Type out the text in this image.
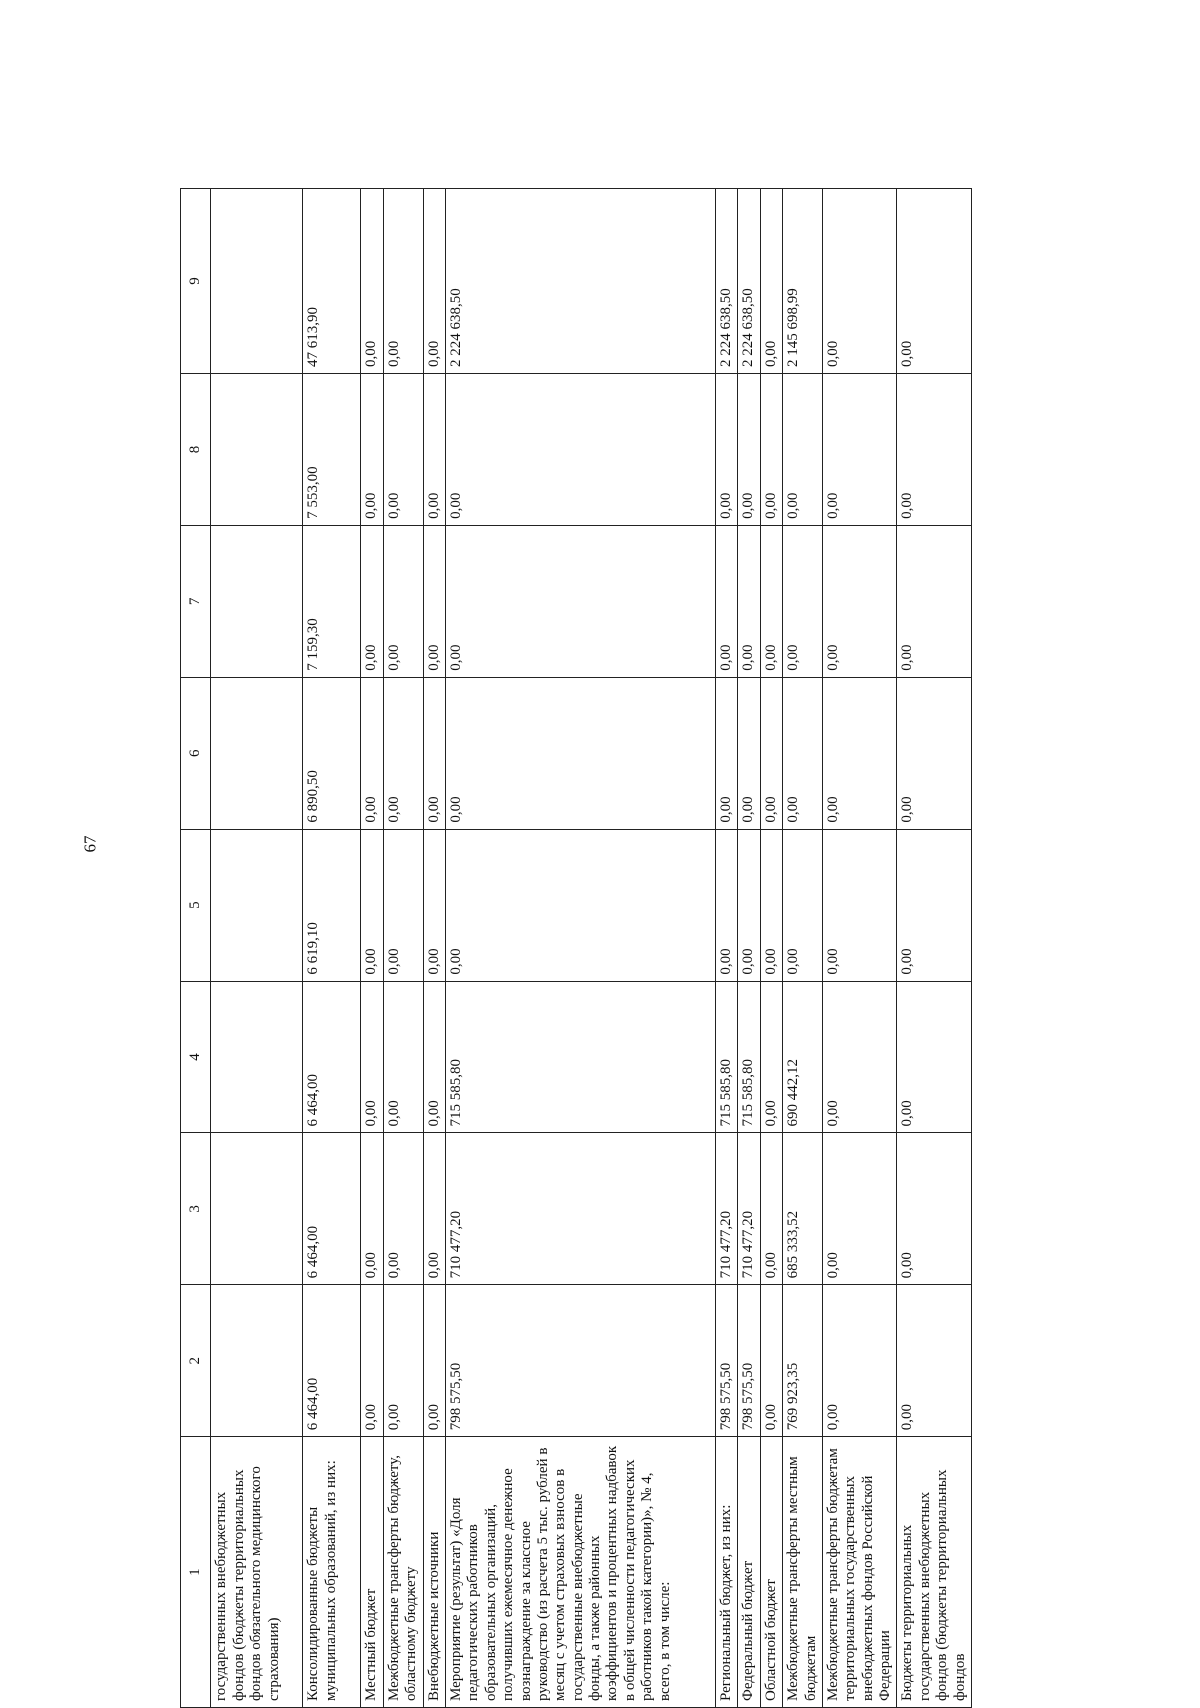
67
1	2	3	4	5	6	7	8	9
государственных внебюджетных фондов (бюджеты территориальных фондов обязательного медицинского страхования)								
Консолидированные бюджеты муниципальных образований, из них:	6 464,00	6 464,00	6 464,00	6 619,10	6 890,50	7 159,30	7 553,00	47 613,90
Местный бюджет	0,00	0,00	0,00	0,00	0,00	0,00	0,00	0,00
Межбюджетные трансферты бюджету, областному бюджету	0,00	0,00	0,00	0,00	0,00	0,00	0,00	0,00
Внебюджетные источники	0,00	0,00	0,00	0,00	0,00	0,00	0,00	0,00
Мероприятие (результат) «Доля педагогических работников образовательных организаций, получивших ежемесячное денежное вознаграждение за классное руководство (из расчета 5 тыс. рублей в месяц с учетом страховых взносов в государственные внебюджетные фонды, а также районных коэффициентов и процентных надбавок в общей численности педагогических работников такой категории)», № 4, всего, в том числе:	798 575,50	710 477,20	715 585,80	0,00	0,00	0,00	0,00	2 224 638,50
Региональный бюджет, из них:	798 575,50	710 477,20	715 585,80	0,00	0,00	0,00	0,00	2 224 638,50
Федеральный бюджет	798 575,50	710 477,20	715 585,80	0,00	0,00	0,00	0,00	2 224 638,50
Областной бюджет	0,00	0,00	0,00	0,00	0,00	0,00	0,00	0,00
Межбюджетные трансферты местным бюджетам	769 923,35	685 333,52	690 442,12	0,00	0,00	0,00	0,00	2 145 698,99
Межбюджетные трансферты бюджетам территориальных государственных внебюджетных фондов Российской Федерации	0,00	0,00	0,00	0,00	0,00	0,00	0,00	0,00
Бюджеты территориальных государственных внебюджетных фондов (бюджеты территориальных фондов	0,00	0,00	0,00	0,00	0,00	0,00	0,00	0,00
